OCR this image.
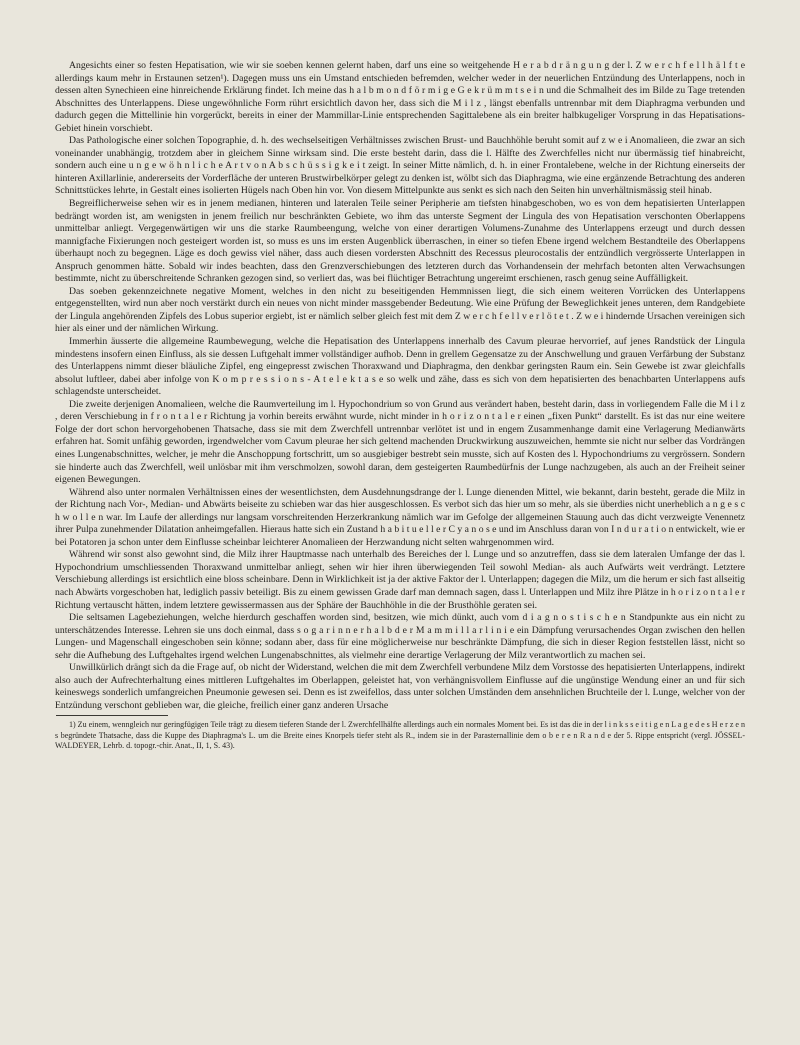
Angesichts einer so festen Hepatisation, wie wir sie soeben kennen gelernt haben, darf uns eine so weitgehende H e r a b d r ä n g u n g der l. Z w e r c h f e l l h ä l f t e allerdings kaum mehr in Erstaunen setzen¹). Dagegen muss uns ein Umstand entschieden befremden, welcher weder in der neuerlichen Entzündung des Unterlappens, noch in dessen alten Synechieen eine hinreichende Erklärung findet. Ich meine das h a l b m o n d f ö r m i g e G e k r ü m m t s e i n und die Schmalheit des im Bilde zu Tage tretenden Abschnittes des Unterlappens. Diese ungewöhnliche Form rührt ersichtlich davon her, dass sich die M i l z , längst ebenfalls untrennbar mit dem Diaphragma verbunden und dadurch gegen die Mittellinie hin vorgerückt, bereits in einer der Mammillar-Linie entsprechenden Sagittalebene als ein breiter halbkugeliger Vorsprung in das Hepatisations-Gebiet hinein vorschiebt.

Das Pathologische einer solchen Topographie, d. h. des wechselseitigen Verhältnisses zwischen Brust- und Bauchhöhle beruht somit auf z w e i Anomalieen, die zwar an sich voneinander unabhängig, trotzdem aber in gleichem Sinne wirksam sind. Die erste besteht darin, dass die l. Hälfte des Zwerchfelles nicht nur übermässig tief hinabreicht, sondern auch eine u n g e w ö h n l i c h e A r t v o n A b s c h ü s s i g k e i t zeigt. In seiner Mitte nämlich, d. h. in einer Frontalebene, welche in der Richtung einerseits der hinteren Axillarlinie, andererseits der Vorderfläche der unteren Brustwirbelkörper gelegt zu denken ist, wölbt sich das Diaphragma, wie eine ergänzende Betrachtung des anderen Schnittstückes lehrte, in Gestalt eines isolierten Hügels nach Oben hin vor. Von diesem Mittelpunkte aus senkt es sich nach den Seiten hin unverhältnismässig steil hinab.

Begreiflicherweise sehen wir es in jenem medianen, hinteren und lateralen Teile seiner Peripherie am tiefsten hinabgeschoben, wo es von dem hepatisierten Unterlappen bedrängt worden ist, am wenigsten in jenem freilich nur beschränkten Gebiete, wo ihm das unterste Segment der Lingula des von Hepatisation verschonten Oberlappens unmittelbar anliegt. Vergegenwärtigen wir uns die starke Raumbeengung, welche von einer derartigen Volumens-Zunahme des Unterlappens erzeugt und durch dessen mannigfache Fixierungen noch gesteigert worden ist, so muss es uns im ersten Augenblick überraschen, in einer so tiefen Ebene irgend welchem Bestandteile des Oberlappens überhaupt noch zu begegnen. Läge es doch gewiss viel näher, dass auch diesen vordersten Abschnitt des Recessus pleurocostalis der entzündlich vergrösserte Unterlappen in Anspruch genommen hätte. Sobald wir indes beachten, dass den Grenzverschiebungen des letzteren durch das Vorhandensein der mehrfach betonten alten Verwachsungen bestimmte, nicht zu überschreitende Schranken gezogen sind, so verliert das, was bei flüchtiger Betrachtung ungereimt erschienen, rasch genug seine Auffälligkeit.

Das soeben gekennzeichnete negative Moment, welches in den nicht zu beseitigenden Hemmnissen liegt, die sich einem weiteren Vorrücken des Unterlappens entgegenstellten, wird nun aber noch verstärkt durch ein neues von nicht minder massgebender Bedeutung. Wie eine Prüfung der Beweglichkeit jenes unteren, dem Randgebiete der Lingula angehörenden Zipfels des Lobus superior ergiebt, ist er nämlich selber gleich fest mit dem Z w e r c h f e l l v e r l ö t e t . Z w e i hindernde Ursachen vereinigen sich hier als einer und der nämlichen Wirkung.

Immerhin äusserte die allgemeine Raumbewegung, welche die Hepatisation des Unterlappens innerhalb des Cavum pleurae hervorrief, auf jenes Randstück der Lingula mindestens insofern einen Einfluss, als sie dessen Luftgehalt immer vollständiger aufhob. Denn in grellem Gegensatze zu der Anschwellung und grauen Verfärbung der Substanz des Unterlappens nimmt dieser bläuliche Zipfel, eng eingepresst zwischen Thoraxwand und Diaphragma, den denkbar geringsten Raum ein. Sein Gewebe ist zwar gleichfalls absolut luftleer, dabei aber infolge von K o m p r e s s i o n s - A t e l e k t a s e so welk und zähe, dass es sich von dem hepatisierten des benachbarten Unterlappens aufs schlagendste unterscheidet.

Die zweite derjenigen Anomalieen, welche die Raumverteilung im l. Hypochondrium so von Grund aus verändert haben, besteht darin, dass in vorliegendem Falle die M i l z , deren Verschiebung in f r o n t a l e r Richtung ja vorhin bereits erwähnt wurde, nicht minder in h o r i z o n t a l e r einen „fixen Punkt“ darstellt. Es ist das nur eine weitere Folge der dort schon hervorgehobenen Thatsache, dass sie mit dem Zwerchfell untrennbar verlötet ist und in engem Zusammenhange damit eine Verlagerung Medianwärts erfahren hat. Somit unfähig geworden, irgendwelcher vom Cavum pleurae her sich geltend machenden Druckwirkung auszuweichen, hemmte sie nicht nur selber das Vordrängen eines Lungenabschnittes, welcher, je mehr die Anschoppung fortschritt, um so ausgiebiger bestrebt sein musste, sich auf Kosten des l. Hypochondriums zu vergrössern. Sondern sie hinderte auch das Zwerchfell, weil unlösbar mit ihm verschmolzen, sowohl daran, dem gesteigerten Raumbedürfnis der Lunge nachzugeben, als auch an der Freiheit seiner eigenen Bewegungen.

Während also unter normalen Verhältnissen eines der wesentlichsten, dem Ausdehnungsdrange der l. Lunge dienenden Mittel, wie bekannt, darin besteht, gerade die Milz in der Richtung nach Vor-, Median- und Abwärts beiseite zu schieben war das hier ausgeschlossen. Es verbot sich das hier um so mehr, als sie überdies nicht unerheblich a n g e s c h w o l l e n war. Im Laufe der allerdings nur langsam vorschreitenden Herzerkrankung nämlich war im Gefolge der allgemeinen Stauung auch das dicht verzweigte Venennetz ihrer Pulpa zunehmender Dilatation anheimgefallen. Hieraus hatte sich ein Zustand h a b i t u e l l e r C y a n o s e und im Anschluss daran von I n d u r a t i o n entwickelt, wie er bei Potatoren ja schon unter dem Einflusse scheinbar leichterer Anomalieen der Herzwandung nicht selten wahrgenommen wird.

Während wir sonst also gewohnt sind, die Milz ihrer Hauptmasse nach unterhalb des Bereiches der l. Lunge und so anzutreffen, dass sie dem lateralen Umfange der das l. Hypochondrium umschliessenden Thoraxwand unmittelbar anliegt, sehen wir hier ihren überwiegenden Teil sowohl Median- als auch Aufwärts weit verdrängt. Letztere Verschiebung allerdings ist ersichtlich eine bloss scheinbare. Denn in Wirklichkeit ist ja der aktive Faktor der l. Unterlappen; dagegen die Milz, um die herum er sich fast allseitig nach Abwärts vorgeschoben hat, lediglich passiv beteiligt. Bis zu einem gewissen Grade darf man demnach sagen, dass l. Unterlappen und Milz ihre Plätze in h o r i z o n t a l e r Richtung vertauscht hätten, indem letztere gewissermassen aus der Sphäre der Bauchhöhle in die der Brusthöhle geraten sei.

Die seltsamen Lagebeziehungen, welche hierdurch geschaffen worden sind, besitzen, wie mich dünkt, auch vom d i a g n o s t i s c h e n Standpunkte aus ein nicht zu unterschätzendes Interesse. Lehren sie uns doch einmal, dass s o g a r i n n e r h a l b d e r M a m m i l l a r l i n i e ein Dämpfung verursachendes Organ zwischen den hellen Lungen- und Magenschall eingeschoben sein könne; sodann aber, dass für eine möglicherweise nur beschränkte Dämpfung, die sich in dieser Region feststellen lässt, nicht so sehr die Aufhebung des Luftgehaltes irgend welchen Lungenabschnittes, als vielmehr eine derartige Verlagerung der Milz verantwortlich zu machen sei.

Unwillkürlich drängt sich da die Frage auf, ob nicht der Widerstand, welchen die mit dem Zwerchfell verbundene Milz dem Vorstosse des hepatisierten Unterlappens, indirekt also auch der Aufrechterhaltung eines mittleren Luftgehaltes im Oberlappen, geleistet hat, von verhängnisvollem Einflusse auf die ungünstige Wendung einer an und für sich keineswegs sonderlich umfangreichen Pneumonie gewesen sei. Denn es ist zweifellos, dass unter solchen Umständen dem ansehnlichen Bruchteile der l. Lunge, welcher von der Entzündung verschont geblieben war, die gleiche, freilich einer ganz anderen Ursache

1) Zu einem, wenngleich nur geringfügigen Teile trägt zu diesem tieferen Stande der l. Zwerchfellhälfte allerdings auch ein normales Moment bei. Es ist das die in der l i n k s s e i t i g e n L a g e d e s H e r z e n s begründete Thatsache, dass die Kuppe des Diaphragma's L. um die Breite eines Knorpels tiefer steht als R., indem sie in der Parasternallinie dem o b e r e n R a n d e der 5. Rippe entspricht (vergl. JÖSSEL-WALDEYER, Lehrb. d. topogr.-chir. Anat., II, 1, S. 43).
